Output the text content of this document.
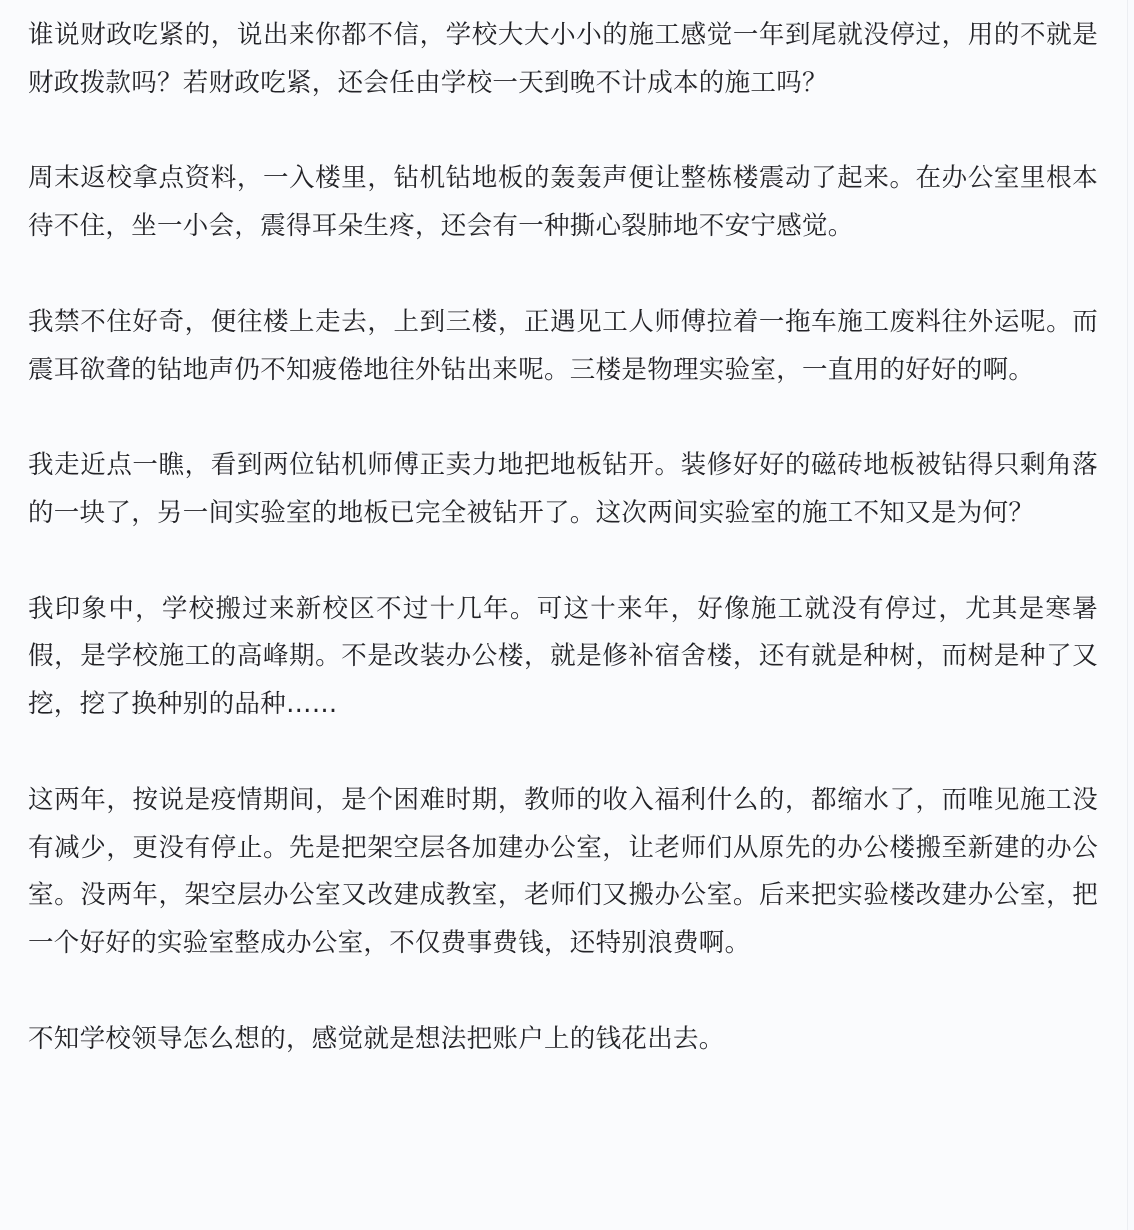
谁说财政吃紧的，说出来你都不信，学校大大小小的施工感觉一年到尾就没停过，用的不就是财政拨款吗？若财政吃紧，还会任由学校一天到晚不计成本的施工吗？

周末返校拿点资料，一入楼里，钻机钻地板的轰轰声便让整栋楼震动了起来。在办公室里根本待不住，坐一小会，震得耳朵生疼，还会有一种撕心裂肺地不安宁感觉。

我禁不住好奇，便往楼上走去，上到三楼，正遇见工人师傅拉着一拖车施工废料往外运呢。而震耳欲聋的钻地声仍不知疲倦地往外钻出来呢。三楼是物理实验室，一直用的好好的啊。

我走近点一瞧，看到两位钻机师傅正卖力地把地板钻开。装修好好的磁砖地板被钻得只剩角落的一块了，另一间实验室的地板已完全被钻开了。这次两间实验室的施工不知又是为何？

我印象中，学校搬过来新校区不过十几年。可这十来年，好像施工就没有停过，尤其是寒暑假，是学校施工的高峰期。不是改装办公楼，就是修补宿舍楼，还有就是种树，而树是种了又挖，挖了换种别的品种……

这两年，按说是疫情期间，是个困难时期，教师的收入福利什么的，都缩水了，而唯见施工没有减少，更没有停止。先是把架空层各加建办公室，让老师们从原先的办公楼搬至新建的办公室。没两年，架空层办公室又改建成教室，老师们又搬办公室。后来把实验楼改建办公室，把一个好好的实验室整成办公室，不仅费事费钱，还特别浪费啊。

不知学校领导怎么想的，感觉就是想法把账户上的钱花出去。
